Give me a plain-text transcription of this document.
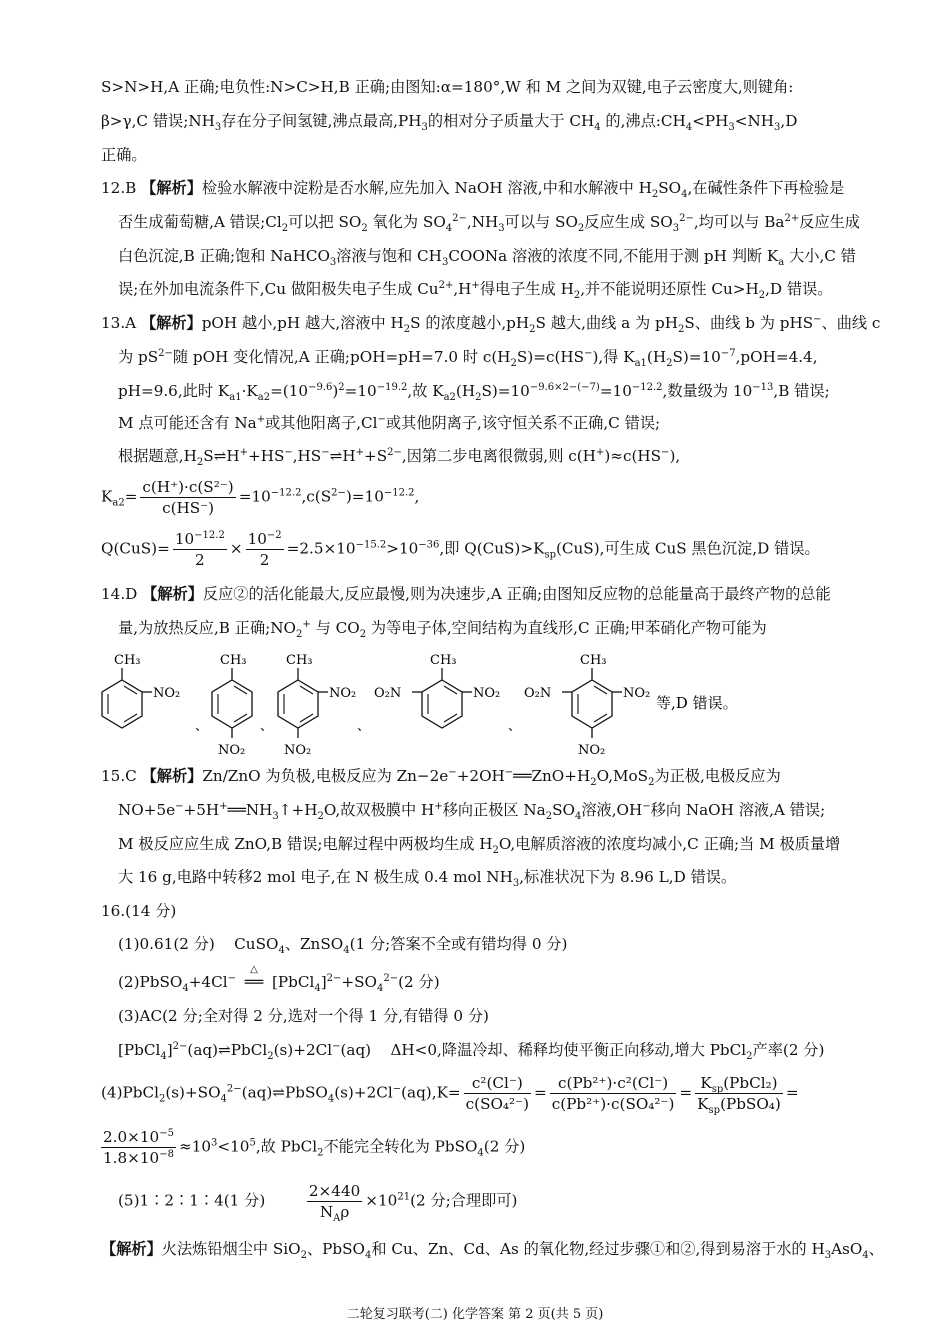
S>N>H,A 正确;电负性:N>C>H,B 正确;由图知:α=180°,W 和 M 之间为双键,电子云密度大,则键角:
β>γ,C 错误$;NH_3$存在分子间氢键,沸点最高$,PH_3$的相对分子质量大于 $CH_4$ 的,沸点$:CH_4<PH_3<NH_3,D$
正确。
12.B 【解析】检验水解液中淀粉是否水解,应先加入 NaOH 溶液,中和水解液中 $H_2SO_4$,在碱性条件下再检验是
否生成葡萄糖,A 错误$;Cl_2$可以把 $SO_2$ 氧化为 $SO_4^{2-},NH_3$可以与 $SO_2$反应生成 $SO_3^{2-}$,均可以与 $Ba^{2+}$反应生成
白色沉淀,B 正确;饱和 NaHCO$_3$溶液与饱和 $CH_3COONa$ 溶液的浓度不同,不能用于测 pH 判断 $K_a$ 大小,C 错
误;在外加电流条件下,Cu 做阳极失电子生成 $Cu^{2+},H^+$得电子生成 $H_2$,并不能说明还原性 $Cu>H_2,D$ 错误。
13.A 【解析】pOH 越小,pH 越大,溶液中 $H_2S$ 的浓度越小$,pH_2S$ 越大,曲线 a 为 $pH_2S$、曲线 b 为 pHS−、曲线 c
为 $pS^{2-}$随 pOH 变化情况,A 正确;pOH=pH=7.0 时 $c(H_2S)=c(HS^-)$,得 $K_{a1}(H_2S)=10^{-7},pOH=4.4$,
pH=9.6,此时 $K_{a1}\cdot K_{a2}=(10^{-9.6})^2=10^{-19.2}$,故 $K_{a2}(H_2S)=10^{-9.6\times 2-(-7)}=10^{-12.2}$,数量级为 $10^{-13},B$ 错误;
M 点可能还含有 Na+或其他阳离子,Cl−或其他阴离子,该守恒关系不正确,C 错误;
根据题意$,H_2S\rightleftharpoons H^++HS^-,HS^-\rightleftharpoons H^++S^{2-}$,因第二步电离很微弱,则 c(H+)≈c(HS−),
$K_{a2}= \frac{\text{c(H⁺)·c(S²⁻)}}{c(HS^-)} =10^{-12.2},c(S^{2-})=10^{-12.2}$,
$Q(CuS)= \frac{10^{-12.2}}{2} \times \frac{10^{-2}}{2} =2.5\times 10^{-15.2}>10^{-36}$,即 $Q(CuS)>K_{sp}(CuS)$,可生成 CuS 黑色沉淀,D 错误。
14.D 【解析】反应②的活化能最大,反应最慢,则为决速步,A 正确;由图知反应物的总能量高于最终产物的总能
量,为放热反应,B 正确$;NO_2^+$ 与 $CO_2$ 为等电子体,空间结构为直线形,C 正确;甲苯硝化产物可能为
CH₃
NO₂
、
CH₃
NO₂
、
CH₃
NO₂
NO₂
、
O₂N
CH₃
NO₂
、
O₂N
CH₃
NO₂
NO₂
等,D 错误。
15.C 【解析】Zn/ZnO 为负极,电极反应为 $Zn-2e^-+2OH^-══ZnO+H_2O,MoS_2$为正极,电极反应为
$NO+5e^-+5H^+══NH_3↑+H_2O$,故双极膜中 H+移向正极区 $Na_2SO_4$溶液,OH−移向 NaOH 溶液,A 错误;
M 极反应应生成 ZnO,B 错误;电解过程中两极均生成 $H_2O$,电解质溶液的浓度均减小,C 正确;当 M 极质量增
大 16 g,电路中转移2 mol 电子,在 N 极生成 0.4 mol $NH_3$,标准状况下为 8.96 L,D 错误。
16.(14 分)
(1)0.61(2 分) CuSO$_4$、ZnSO$_4$(1 分;答案不全或有错均得 0 分)
(2)PbSO$_4$+4Cl−
△
══ $[PbCl_4]^{2-}+SO_4^{2-}(2$ 分)
(3)AC(2 分;全对得 2 分,选对一个得 1 分,有错得 0 分)
[PbCl$_4$]$^{2-}$(aq)⇌PbCl$_2$(s)+2Cl−(aq) ΔH<0,降温冷却、稀释均使平衡正向移动,增大 PbCl$_2$产率(2 分)
$(4)PbCl_2(s)+SO_4^{2-}(aq)\rightleftharpoons PbSO_4(s)+2Cl^-(aq),K= \frac{\text{c²(Cl⁻)}}{\text{c(SO₄²⁻)}} = \frac{\text{c(Pb²⁺)·c²(Cl⁻)}}{\text{c(Pb²⁺)·c(SO₄²⁻)}} = \frac{K_{sp}(PbCl_2)}{K_{sp}(PbSO_4)}$ =
$\frac{2.0\times 10^{-5}}{1.8\times 10^{-8}} \approx 10^3<10^5$,故 PbCl$_2$不能完全转化为 PbSO$_4$(2 分)
(5)1∶2∶1∶4(1 分)	$\frac{2\times 440}{N_A\rho} \times 10^{21}(2$ 分;合理即可)
【解析】火法炼铅烟尘中 SiO$_2$、PbSO$_4$和 Cu、Zn、Cd、As 的氧化物,经过步骤①和②,得到易溶于水的 $H_3AsO_4$、
二轮复习联考(二) 化学答案 第 2 页(共 5 页)
